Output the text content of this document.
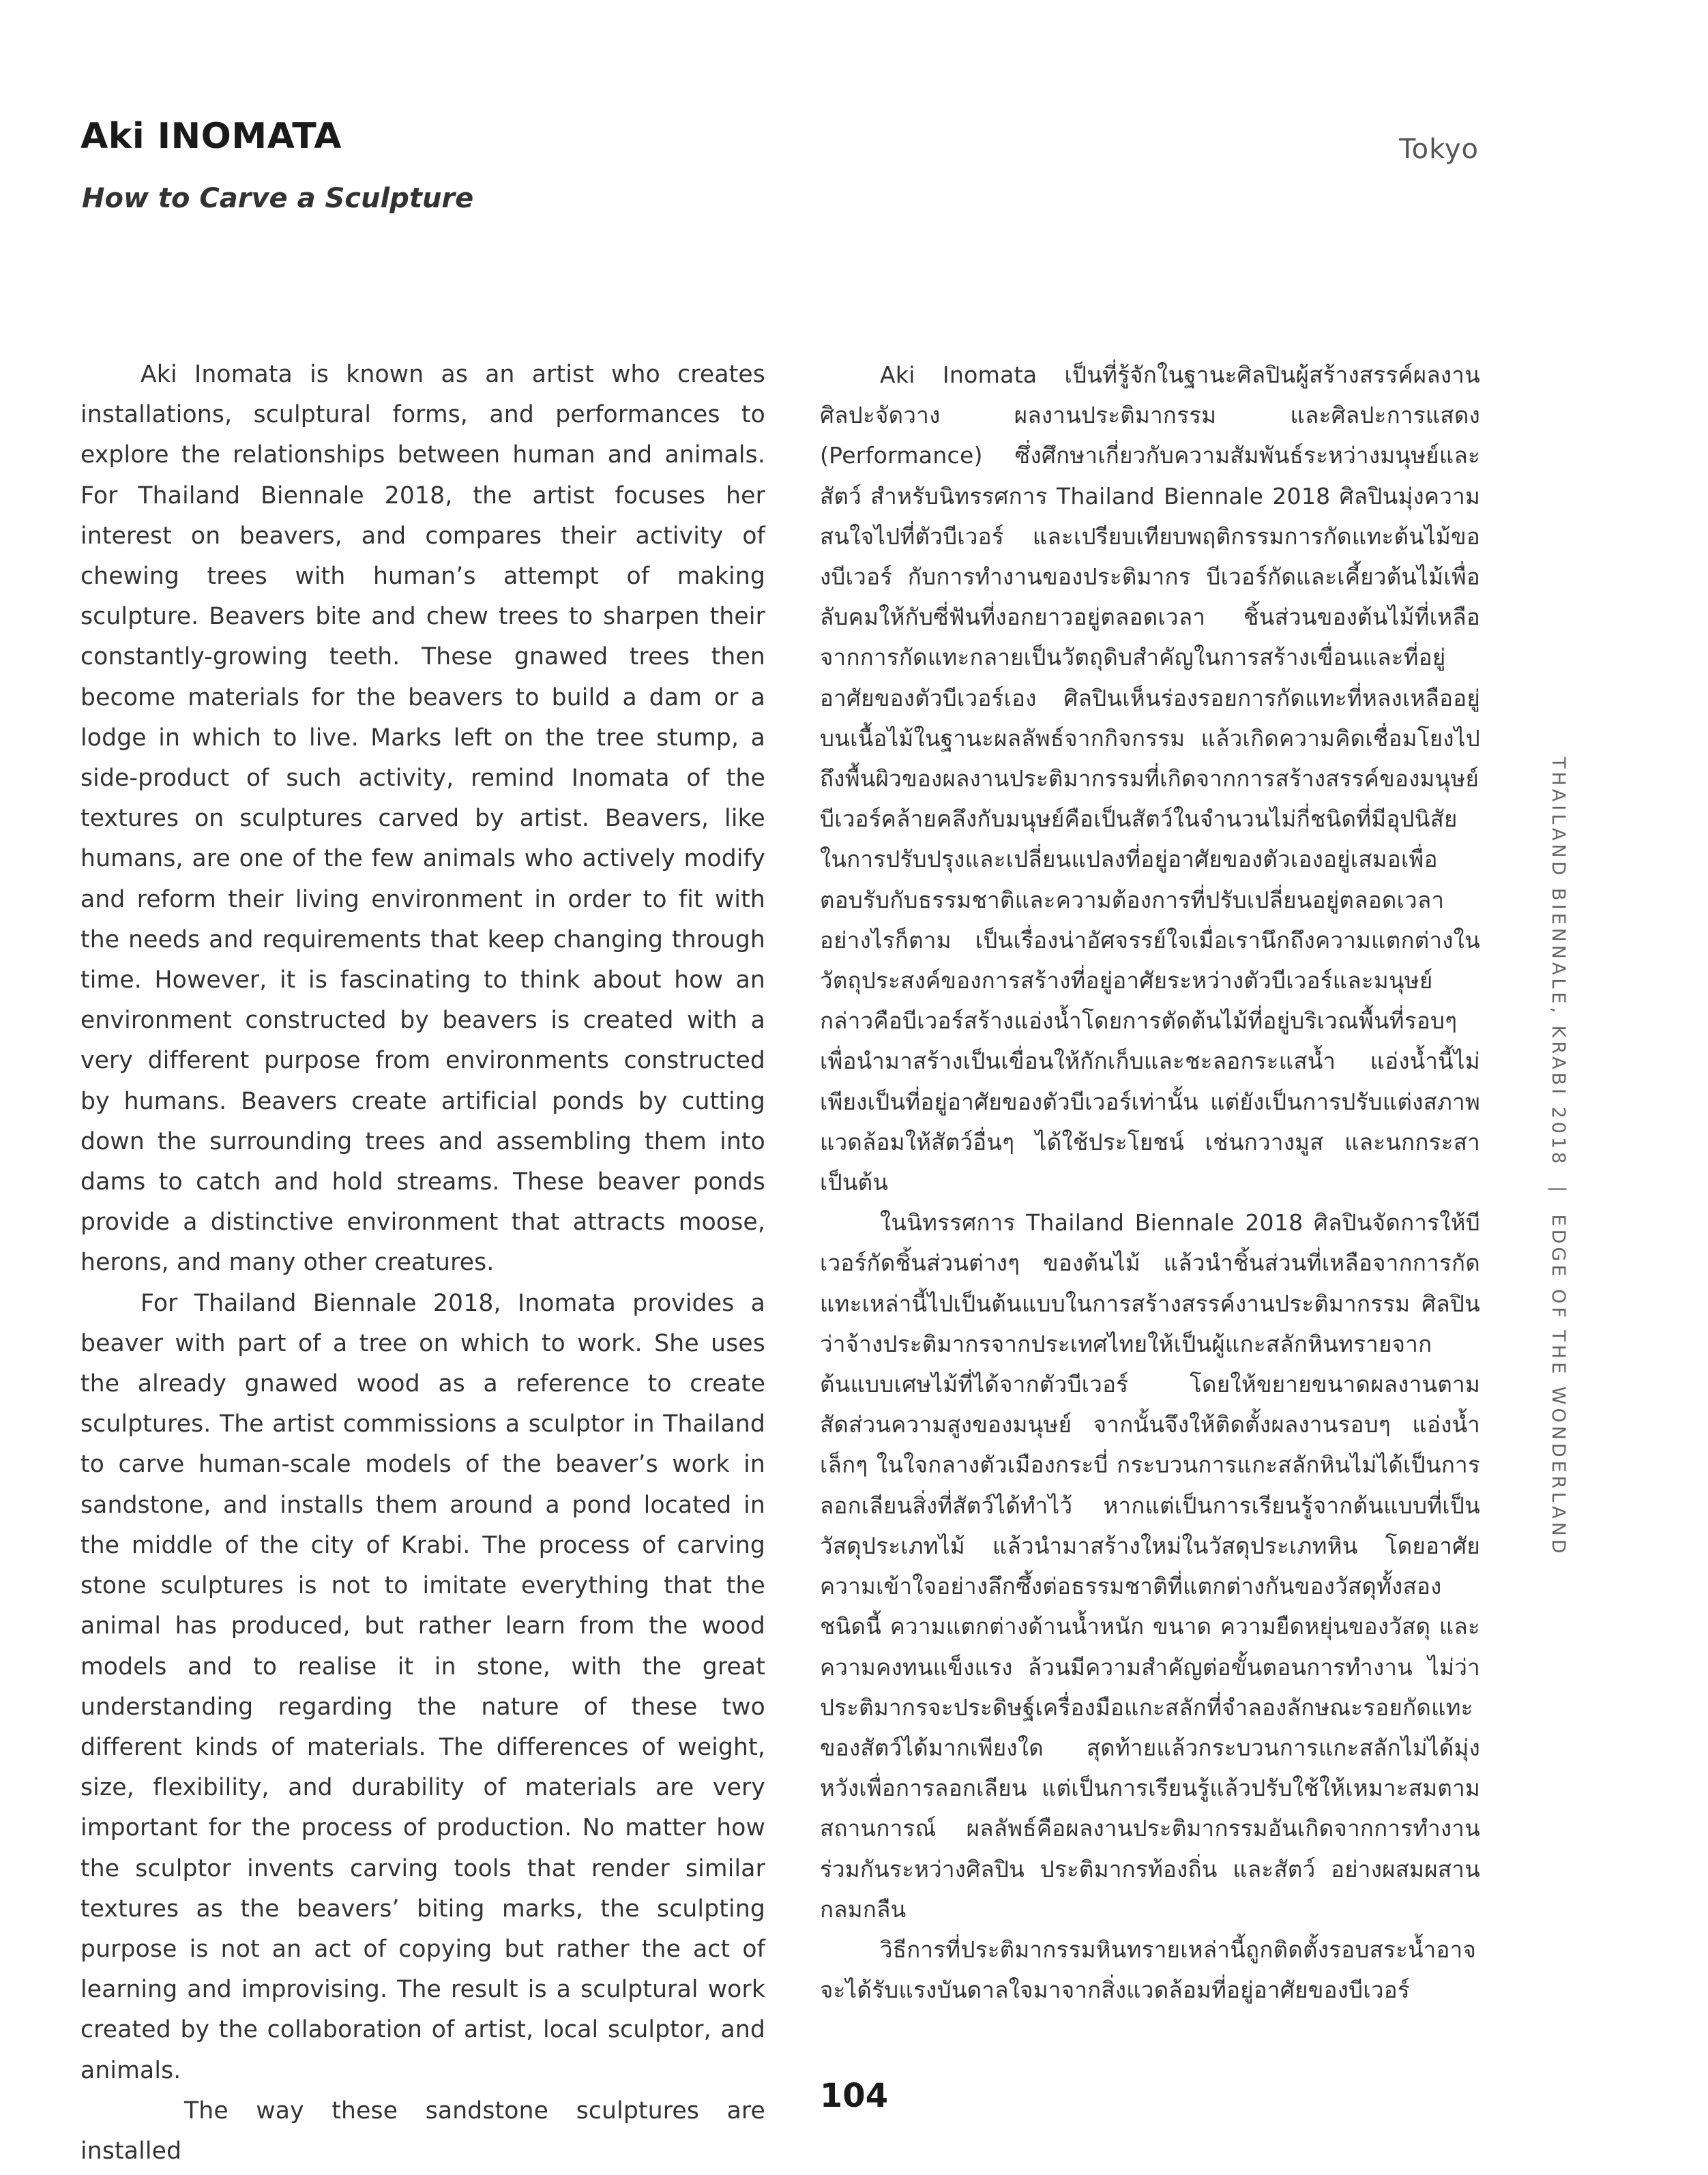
Aki INOMATA
How to Carve a Sculpture
Tokyo

Aki Inomata is known as an artist who creates installations, sculptural forms, and performances to explore the relationships between human and animals. For Thailand Biennale 2018, the artist focuses her interest on beavers, and compares their activity of chewing trees with human’s attempt of making sculpture. Beavers bite and chew trees to sharpen their constantly-growing teeth. These gnawed trees then become materials for the beavers to build a dam or a lodge in which to live. Marks left on the tree stump, a side-product of such activity, remind Inomata of the textures on sculptures carved by artist. Beavers, like humans, are one of the few animals who actively modify and reform their living environment in order to fit with the needs and requirements that keep changing through time. However, it is fascinating to think about how an environment constructed by beavers is created with a very different purpose from environments constructed by humans. Beavers create artificial ponds by cutting down the surrounding trees and assembling them into dams to catch and hold streams. These beaver ponds provide a distinctive environment that attracts moose, herons, and many other creatures.

For Thailand Biennale 2018, Inomata provides a beaver with part of a tree on which to work. She uses the already gnawed wood as a reference to create sculptures. The artist commissions a sculptor in Thailand to carve human-scale models of the beaver’s work in sandstone, and installs them around a pond located in the middle of the city of Krabi. The process of carving stone sculptures is not to imitate everything that the animal has produced, but rather learn from the wood models and to realise it in stone, with the great understanding regarding the nature of these two different kinds of materials. The differences of weight, size, flexibility, and durability of materials are very important for the process of production. No matter how the sculptor invents carving tools that render similar textures as the beavers’ biting marks, the sculpting purpose is not an act of copying but rather the act of learning and improvising. The result is a sculptural work created by the collaboration of artist, local sculptor, and animals.

The way these sandstone sculptures are installed

Aki Inomata เป็นที่รู้จักในฐานะศิลปินผู้สร้างสรรค์ผลงานศิลปะจัดวาง ผลงานประติมากรรม และศิลปะการแสดง (Performance) ซึ่งศึกษาเกี่ยวกับความสัมพันธ์ระหว่างมนุษย์และสัตว์ สำหรับนิทรรศการ Thailand Biennale 2018 ศิลปินมุ่งความสนใจไปที่ตัวบีเวอร์ และเปรียบเทียบพฤติกรรมการกัดแทะต้นไม้ของบีเวอร์ กับการทำงานของประติมากร บีเวอร์กัดและเคี้ยวต้นไม้เพื่อลับคมให้กับซี่ฟันที่งอกยาวอยู่ตลอดเวลา ชิ้นส่วนของต้นไม้ที่เหลือจากการกัดแทะกลายเป็นวัตถุดิบสำคัญในการสร้างเขื่อนและที่อยู่อาศัยของตัวบีเวอร์เอง ศิลปินเห็นร่องรอยการกัดแทะที่หลงเหลืออยู่บนเนื้อไม้ในฐานะผลลัพธ์จากกิจกรรม แล้วเกิดความคิดเชื่อมโยงไปถึงพื้นผิวของผลงานประติมากรรมที่เกิดจากการสร้างสรรค์ของมนุษย์ บีเวอร์คล้ายคลึงกับมนุษย์คือเป็นสัตว์ในจำนวนไม่กี่ชนิดที่มีอุปนิสัยในการปรับปรุงและเปลี่ยนแปลงที่อยู่อาศัยของตัวเองอยู่เสมอเพื่อตอบรับกับธรรมชาติและความต้องการที่ปรับเปลี่ยนอยู่ตลอดเวลา อย่างไรก็ตาม เป็นเรื่องน่าอัศจรรย์ใจเมื่อเรานึกถึงความแตกต่างในวัตถุประสงค์ของการสร้างที่อยู่อาศัยระหว่างตัวบีเวอร์และมนุษย์ กล่าวคือบีเวอร์สร้างแอ่งน้ำโดยการตัดต้นไม้ที่อยู่บริเวณพื้นที่รอบๆ เพื่อนำมาสร้างเป็นเขื่อนให้กักเก็บและชะลอกระแสน้ำ แอ่งน้ำนี้ไม่เพียงเป็นที่อยู่อาศัยของตัวบีเวอร์เท่านั้น แต่ยังเป็นการปรับแต่งสภาพแวดล้อมให้สัตว์อื่นๆ ได้ใช้ประโยชน์ เช่นกวางมูส และนกกระสา เป็นต้น

ในนิทรรศการ Thailand Biennale 2018 ศิลปินจัดการให้บีเวอร์กัดชิ้นส่วนต่างๆ ของต้นไม้ แล้วนำชิ้นส่วนที่เหลือจากการกัดแทะเหล่านี้ไปเป็นต้นแบบในการสร้างสรรค์งานประติมากรรม ศิลปินว่าจ้างประติมากรจากประเทศไทยให้เป็นผู้แกะสลักหินทรายจากต้นแบบเศษไม้ที่ได้จากตัวบีเวอร์ โดยให้ขยายขนาดผลงานตามสัดส่วนความสูงของมนุษย์ จากนั้นจึงให้ติดตั้งผลงานรอบๆ แอ่งน้ำเล็กๆ ในใจกลางตัวเมืองกระบี่ กระบวนการแกะสลักหินไม่ได้เป็นการลอกเลียนสิ่งที่สัตว์ได้ทำไว้ หากแต่เป็นการเรียนรู้จากต้นแบบที่เป็นวัสดุประเภทไม้ แล้วนำมาสร้างใหม่ในวัสดุประเภทหิน โดยอาศัยความเข้าใจอย่างลึกซึ้งต่อธรรมชาติที่แตกต่างกันของวัสดุทั้งสองชนิดนี้ ความแตกต่างด้านน้ำหนัก ขนาด ความยืดหยุ่นของวัสดุ และความคงทนแข็งแรง ล้วนมีความสำคัญต่อขั้นตอนการทำงาน ไม่ว่าประติมากรจะประดิษฐ์เครื่องมือแกะสลักที่จำลองลักษณะรอยกัดแทะของสัตว์ได้มากเพียงใด สุดท้ายแล้วกระบวนการแกะสลักไม่ได้มุ่งหวังเพื่อการลอกเลียน แต่เป็นการเรียนรู้แล้วปรับใช้ให้เหมาะสมตามสถานการณ์ ผลลัพธ์คือผลงานประติมากรรมอันเกิดจากการทำงานร่วมกันระหว่างศิลปิน ประติมากรท้องถิ่น และสัตว์ อย่างผสมผสานกลมกลืน

วิธีการที่ประติมากรรมหินทรายเหล่านี้ถูกติดตั้งรอบสระน้ำอาจจะได้รับแรงบันดาลใจมาจากสิ่งแวดล้อมที่อยู่อาศัยของบีเวอร์

THAILAND BIENNALE, KRABI 2018 | EDGE OF THE WONDERLAND
104
